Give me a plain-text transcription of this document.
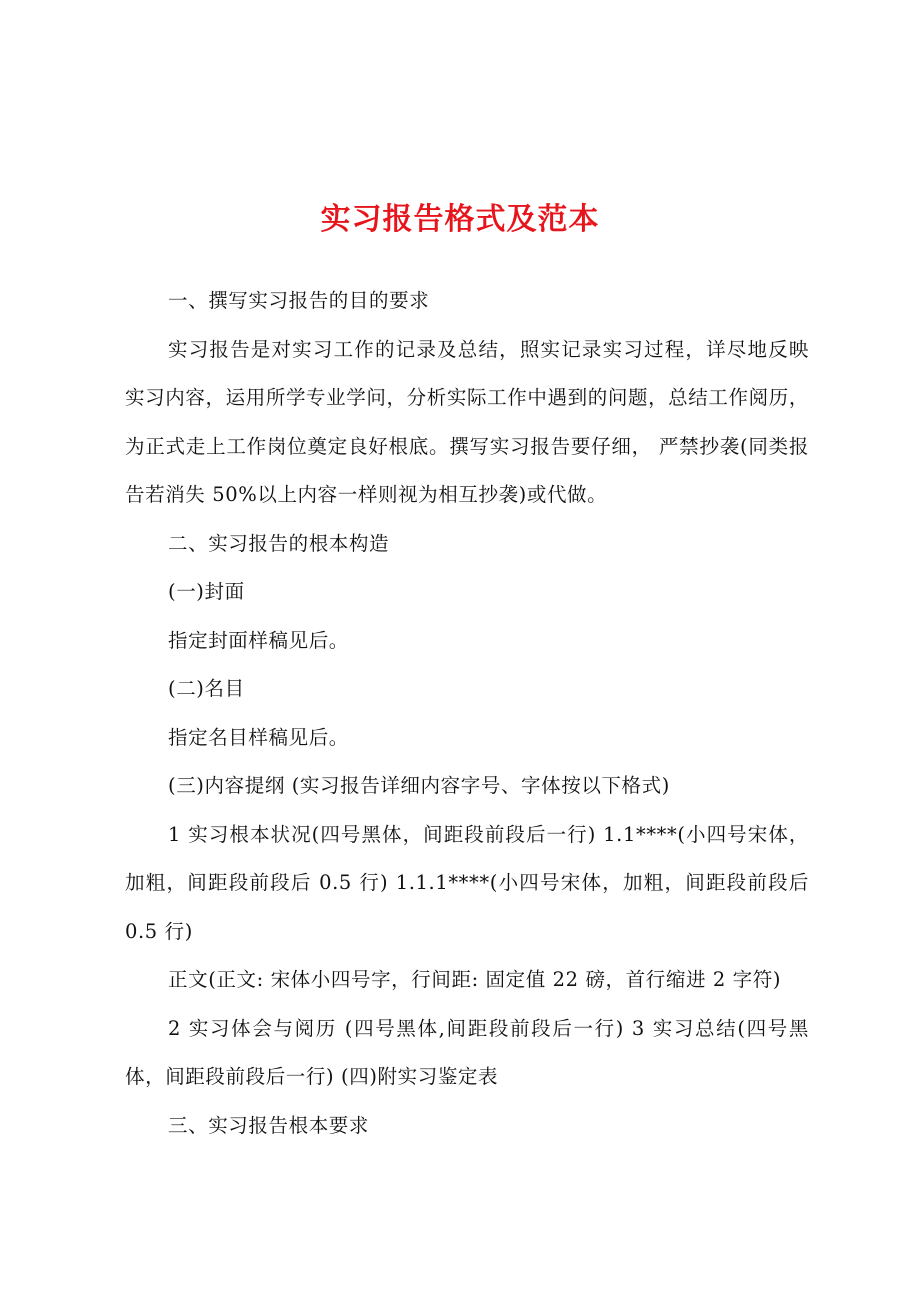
实习报告格式及范本

一、撰写实习报告的目的要求

实习报告是对实习工作的记录及总结，照实记录实习过程，详尽地反映实习内容，运用所学专业学问，分析实际工作中遇到的问题，总结工作阅历，为正式走上工作岗位奠定良好根底。撰写实习报告要仔细， 严禁抄袭(同类报告若消失 50%以上内容一样则视为相互抄袭)或代做。

二、实习报告的根本构造

(一)封面

指定封面样稿见后。

(二)名目

指定名目样稿见后。

(三)内容提纲 (实习报告详细内容字号、字体按以下格式)

1 实习根本状况(四号黑体，间距段前段后一行) 1.1****(小四号宋体，加粗，间距段前段后 0.5 行) 1.1.1****(小四号宋体，加粗，间距段前段后 0.5 行)

正文(正文: 宋体小四号字，行间距: 固定值 22 磅，首行缩进 2 字符)

2 实习体会与阅历 (四号黑体,间距段前段后一行) 3 实习总结(四号黑体，间距段前段后一行) (四)附实习鉴定表

三、实习报告根本要求
